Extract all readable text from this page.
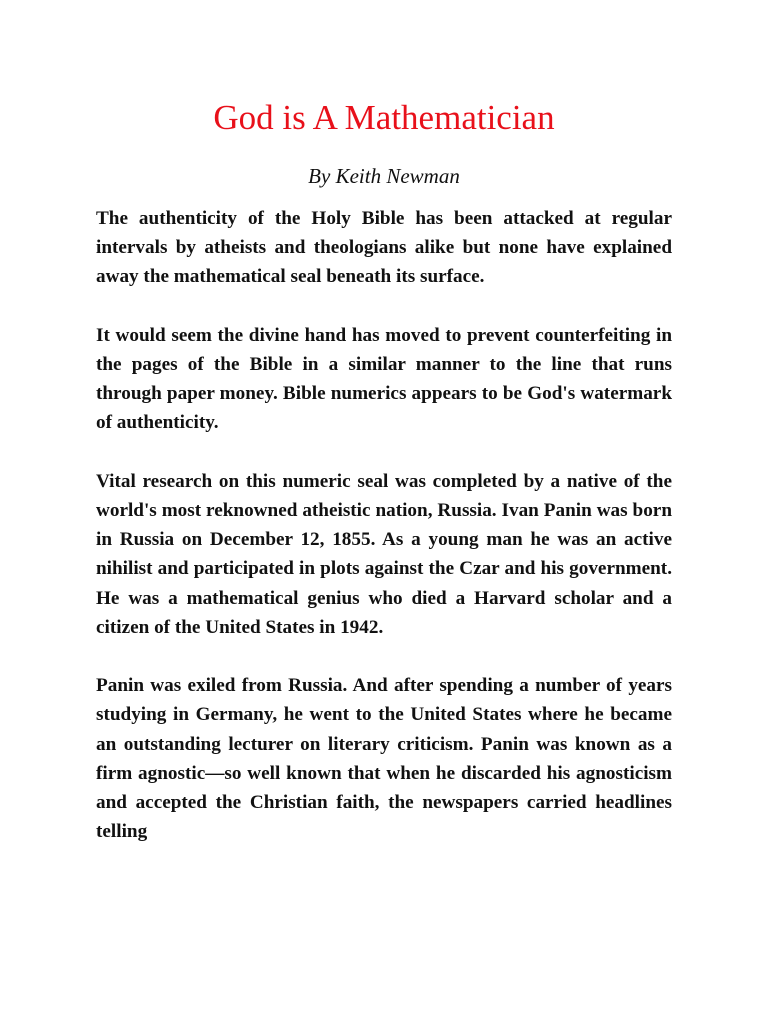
God is A Mathematician

By Keith Newman

The authenticity of the Holy Bible has been attacked at regular intervals by atheists and theologians alike but none have explained away the mathematical seal beneath its surface.

It would seem the divine hand has moved to prevent counterfeiting in the pages of the Bible in a similar manner to the line that runs through paper money. Bible numerics appears to be God's watermark of authenticity.

Vital research on this numeric seal was completed by a native of the world's most reknowned atheistic nation, Russia. Ivan Panin was born in Russia on December 12, 1855. As a young man he was an active nihilist and participated in plots against the Czar and his government. He was a mathematical genius who died a Harvard scholar and a citizen of the United States in 1942.

Panin was exiled from Russia. And after spending a number of years studying in Germany, he went to the United States where he became an outstanding lecturer on literary criticism. Panin was known as a firm agnostic—so well known that when he discarded his agnosticism and accepted the Christian faith, the newspapers carried headlines telling
